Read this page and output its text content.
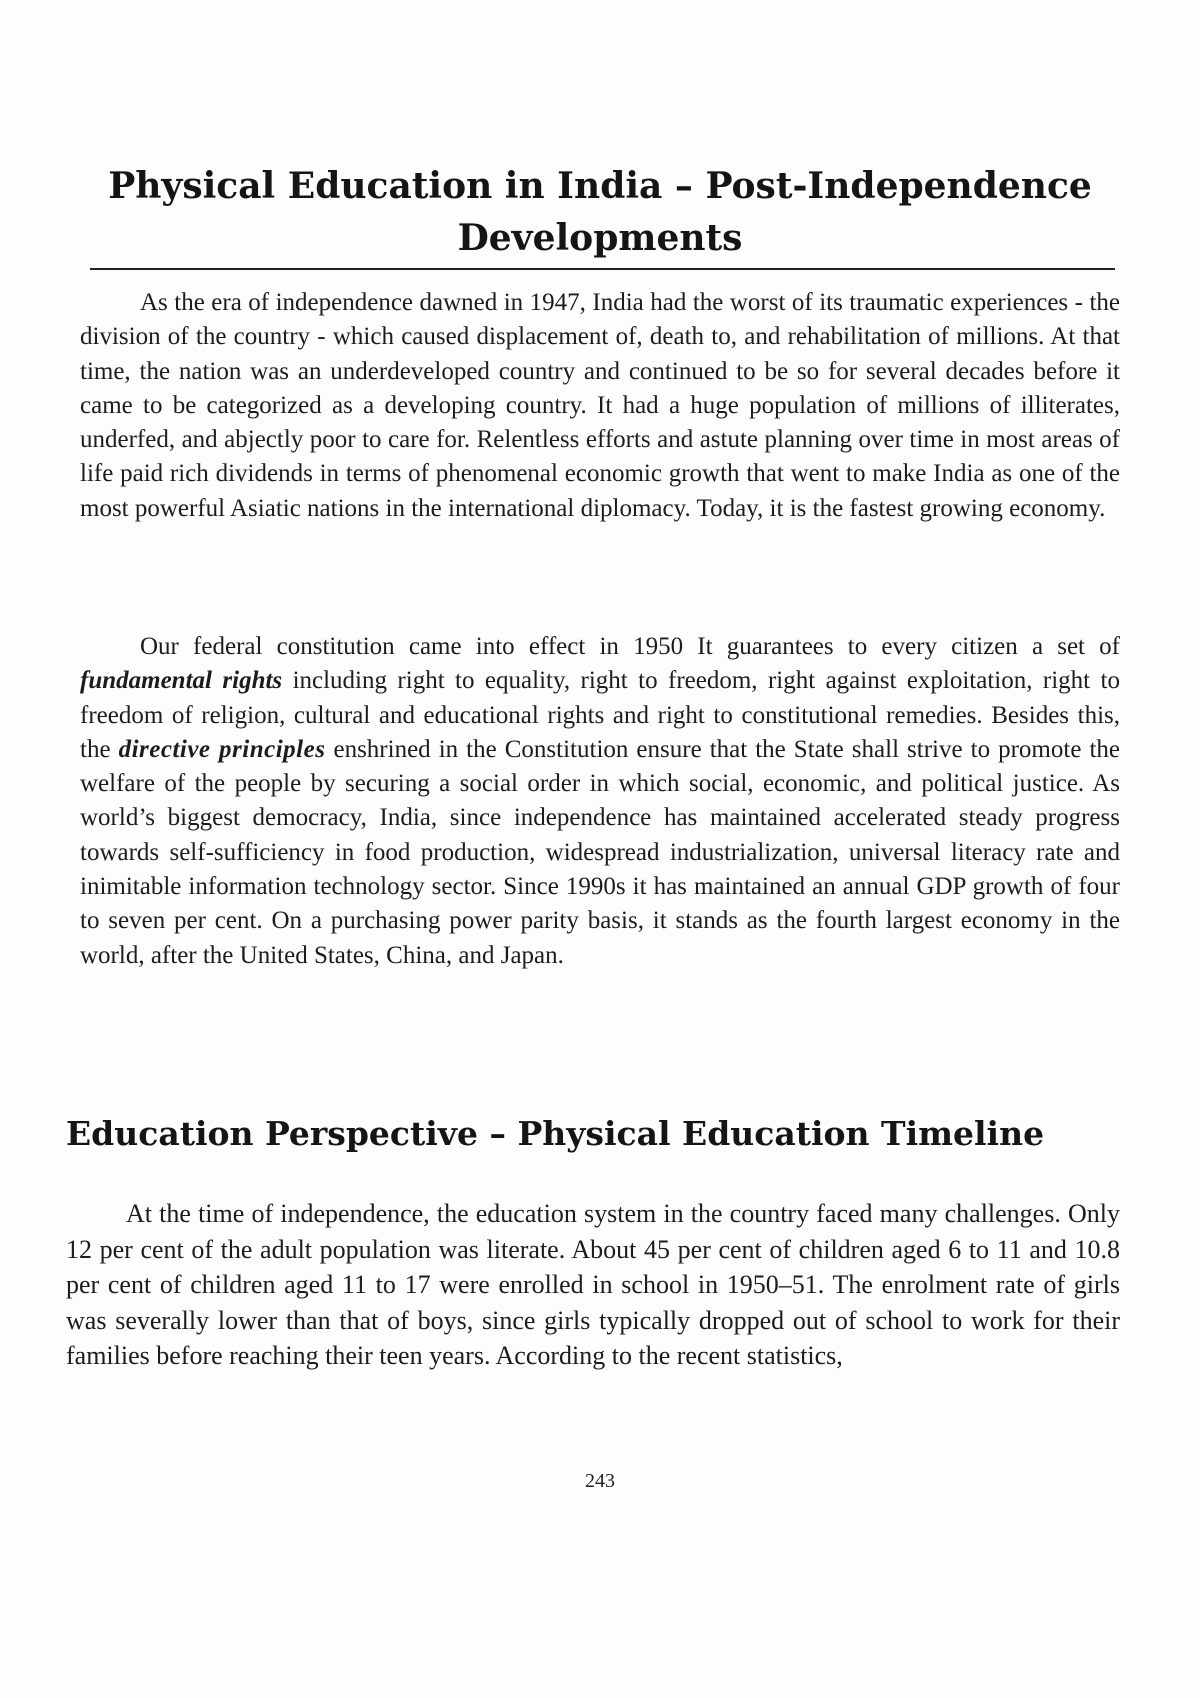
Physical Education in India – Post-Independence
Developments

As the era of independence dawned in 1947, India had the worst of its traumatic experiences - the division of the country - which caused displacement of, death to, and rehabilitation of millions. At that time, the nation was an underdeveloped country and continued to be so for several decades before it came to be categorized as a developing country. It had a huge population of millions of illiterates, underfed, and abjectly poor to care for. Relentless efforts and astute planning over time in most areas of life paid rich dividends in terms of phenomenal economic growth that went to make India as one of the most powerful Asiatic nations in the international diplomacy. Today, it is the fastest growing economy.

Our federal constitution came into effect in 1950 It guarantees to every citizen a set of fundamental rights including right to equality, right to freedom, right against exploitation, right to freedom of religion, cultural and educational rights and right to constitutional remedies. Besides this, the directive principles enshrined in the Constitution ensure that the State shall strive to promote the welfare of the people by securing a social order in which social, economic, and political justice. As world’s biggest democracy, India, since independence has maintained accelerated steady progress towards self-sufficiency in food production, widespread industrialization, universal literacy rate and inimitable information technology sector. Since 1990s it has maintained an annual GDP growth of four to seven per cent. On a purchasing power parity basis, it stands as the fourth largest economy in the world, after the United States, China, and Japan.

Education Perspective – Physical Education Timeline

At the time of independence, the education system in the country faced many challenges. Only 12 per cent of the adult population was literate. About 45 per cent of children aged 6 to 11 and 10.8 per cent of children aged 11 to 17 were enrolled in school in 1950–51. The enrolment rate of girls was severally lower than that of boys, since girls typically dropped out of school to work for their families before reaching their teen years. According to the recent statistics,

243
